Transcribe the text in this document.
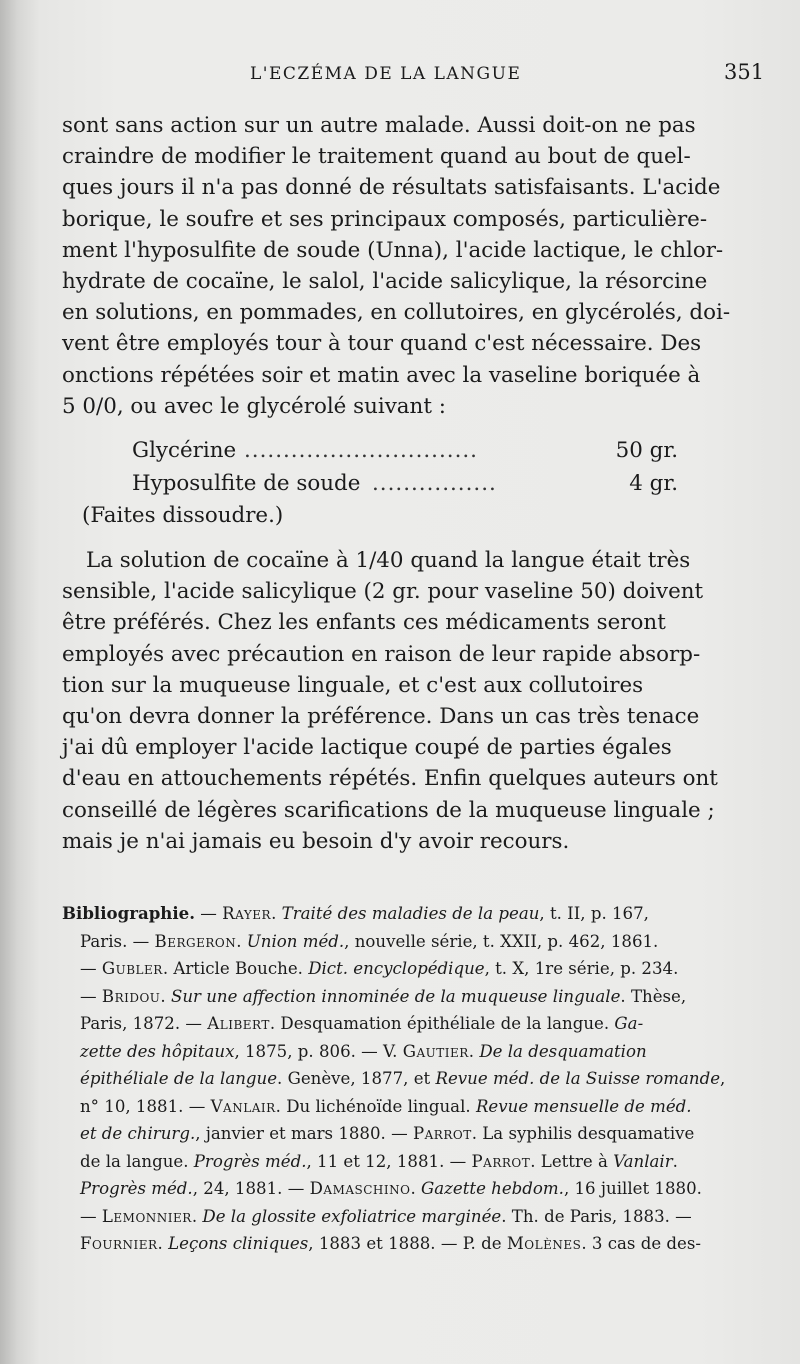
L'ECZÉMA DE LA LANGUE	351

sont sans action sur un autre malade. Aussi doit-on ne pas

craindre de modifier le traitement quand au bout de quel-

ques jours il n'a pas donné de résultats satisfaisants. L'acide

borique, le soufre et ses principaux composés, particulière-

ment l'hyposulfite de soude (Unna), l'acide lactique, le chlor-

hydrate de cocaïne, le salol, l'acide salicylique, la résorcine

en solutions, en pommades, en collutoires, en glycérolés, doi-

vent être employés tour à tour quand c'est nécessaire. Des

onctions répétées soir et matin avec la vaseline boriquée à

5 0/0, ou avec le glycérolé suivant :

Glycérine ..............................	50 gr.
Hyposulfite de soude ................	4 gr.

(Faites dissoudre.)

La solution de cocaïne à 1/40 quand la langue était très

sensible, l'acide salicylique (2 gr. pour vaseline 50) doivent

être préférés. Chez les enfants ces médicaments seront

employés avec précaution en raison de leur rapide absorp-

tion sur la muqueuse linguale, et c'est aux collutoires

qu'on devra donner la préférence. Dans un cas très tenace

j'ai dû employer l'acide lactique coupé de parties égales

d'eau en attouchements répétés. Enfin quelques auteurs ont

conseillé de légères scarifications de la muqueuse linguale ;

mais je n'ai jamais eu besoin d'y avoir recours.

Bibliographie. — Rayer. Traité des maladies de la peau, t. II, p. 167,
Paris. — Bergeron. Union méd., nouvelle série, t. XXII, p. 462, 1861.
— Gubler. Article Bouche. Dict. encyclopédique, t. X, 1re série, p. 234.
— Bridou. Sur une affection innominée de la muqueuse linguale. Thèse,
Paris, 1872. — Alibert. Desquamation épithéliale de la langue. Ga-
zette des hôpitaux, 1875, p. 806. — V. Gautier. De la desquamation
épithéliale de la langue. Genève, 1877, et Revue méd. de la Suisse romande,
n° 10, 1881. — Vanlair. Du lichénoïde lingual. Revue mensuelle de méd.
et de chirurg., janvier et mars 1880. — Parrot. La syphilis desquamative
de la langue. Progrès méd., 11 et 12, 1881. — Parrot. Lettre à Vanlair.
Progrès méd., 24, 1881. — Damaschino. Gazette hebdom., 16 juillet 1880.
— Lemonnier. De la glossite exfoliatrice marginée. Th. de Paris, 1883. —
Fournier. Leçons cliniques, 1883 et 1888. — P. de Molènes. 3 cas de des-
